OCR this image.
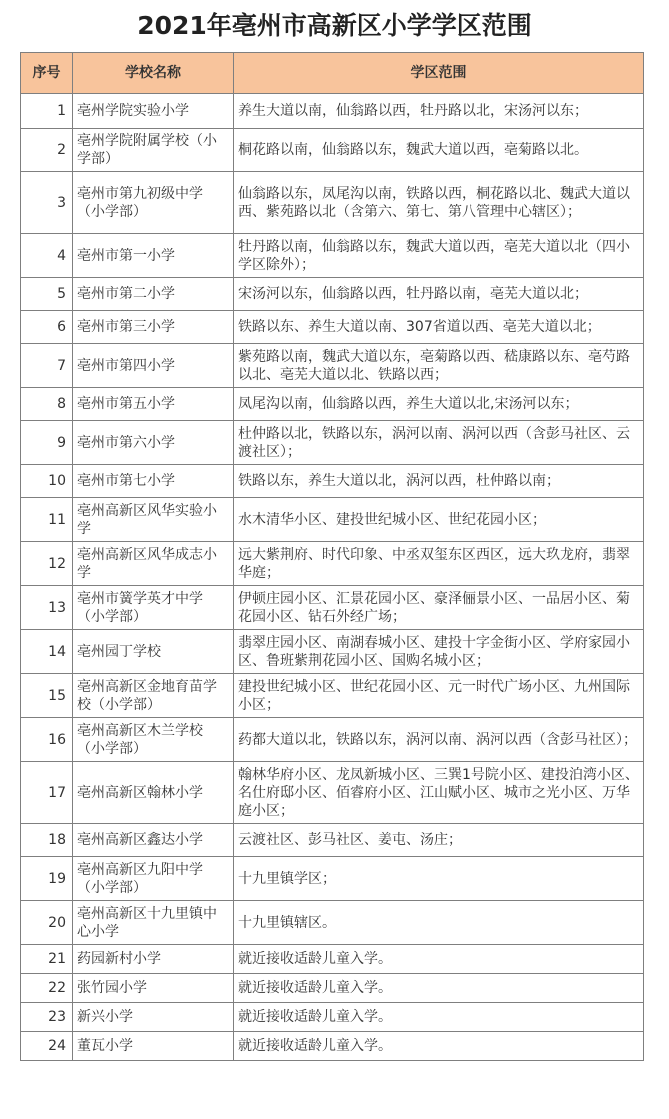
2021年亳州市高新区小学学区范围
序号	学校名称	学区范围
1	亳州学院实验小学	养生大道以南，仙翁路以西，牡丹路以北，宋汤河以东；
2	亳州学院附属学校（小学部）	桐花路以南，仙翁路以东，魏武大道以西，亳菊路以北。
3	亳州市第九初级中学（小学部）	仙翁路以东，凤尾沟以南，铁路以西，桐花路以北、魏武大道以西、紫苑路以北（含第六、第七、第八管理中心辖区）；
4	亳州市第一小学	牡丹路以南，仙翁路以东，魏武大道以西，亳芜大道以北（四小学区除外）；
5	亳州市第二小学	宋汤河以东，仙翁路以西，牡丹路以南，亳芜大道以北；
6	亳州市第三小学	铁路以东、养生大道以南、307省道以西、亳芜大道以北；
7	亳州市第四小学	紫苑路以南，魏武大道以东，亳菊路以西、嵇康路以东、亳芍路以北、亳芜大道以北、铁路以西；
8	亳州市第五小学	凤尾沟以南，仙翁路以西，养生大道以北,宋汤河以东；
9	亳州市第六小学	杜仲路以北，铁路以东，涡河以南、涡河以西（含彭马社区、云渡社区）；
10	亳州市第七小学	铁路以东，养生大道以北，涡河以西，杜仲路以南；
11	亳州高新区风华实验小学	水木清华小区、建投世纪城小区、世纪花园小区；
12	亳州高新区风华成志小学	远大紫荆府、时代印象、中丞双玺东区西区，远大玖龙府，翡翠华庭；
13	亳州市簧学英才中学（小学部）	伊顿庄园小区、汇景花园小区、豪泽俪景小区、一品居小区、菊花园小区、钻石外经广场；
14	亳州园丁学校	翡翠庄园小区、南湖春城小区、建投十字金街小区、学府家园小区、鲁班紫荆花园小区、国购名城小区；
15	亳州高新区金地育苗学校（小学部）	建投世纪城小区、世纪花园小区、元一时代广场小区、九州国际小区；
16	亳州高新区木兰学校（小学部）	药都大道以北，铁路以东，涡河以南、涡河以西（含彭马社区）；
17	亳州高新区翰林小学	翰林华府小区、龙凤新城小区、三巽1号院小区、建投泊湾小区、名仕府邸小区、佰睿府小区、江山赋小区、城市之光小区、万华庭小区；
18	亳州高新区鑫达小学	云渡社区、彭马社区、姜屯、汤庄；
19	亳州高新区九阳中学（小学部）	十九里镇学区；
20	亳州高新区十九里镇中心小学	十九里镇辖区。
21	药园新村小学	就近接收适龄儿童入学。
22	张竹园小学	就近接收适龄儿童入学。
23	新兴小学	就近接收适龄儿童入学。
24	董瓦小学	就近接收适龄儿童入学。
